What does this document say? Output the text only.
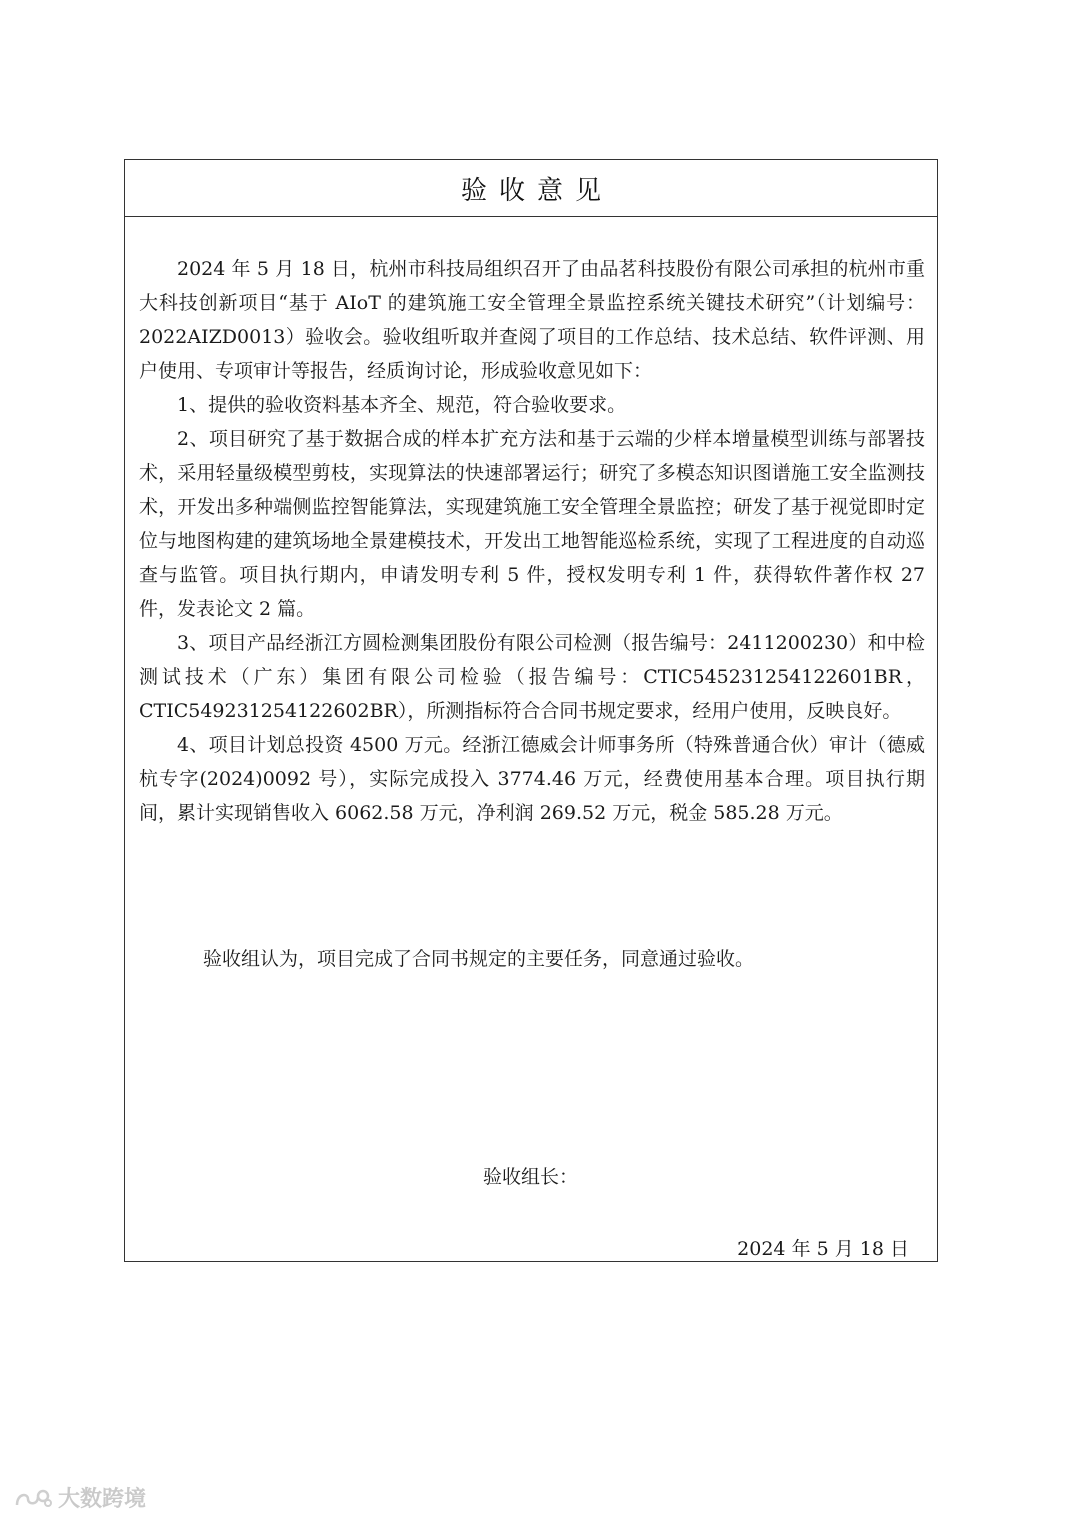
验收意见

2024 年 5 月 18 日，杭州市科技局组织召开了由品茗科技股份有限公司承担的杭州市重大科技创新项目“基于 AIoT 的建筑施工安全管理全景监控系统关键技术研究”（计划编号：2022AIZD0013）验收会。验收组听取并查阅了项目的工作总结、技术总结、软件评测、用户使用、专项审计等报告，经质询讨论，形成验收意见如下：

1、提供的验收资料基本齐全、规范，符合验收要求。

2、项目研究了基于数据合成的样本扩充方法和基于云端的少样本增量模型训练与部署技术，采用轻量级模型剪枝，实现算法的快速部署运行；研究了多模态知识图谱施工安全监测技术，开发出多种端侧监控智能算法，实现建筑施工安全管理全景监控；研发了基于视觉即时定位与地图构建的建筑场地全景建模技术，开发出工地智能巡检系统，实现了工程进度的自动巡查与监管。项目执行期内，申请发明专利 5 件，授权发明专利 1 件，获得软件著作权 27 件，发表论文 2 篇。

3、项目产品经浙江方圆检测集团股份有限公司检测（报告编号：2411200230）和中检测试技术（广东）集团有限公司检验（报告编号：CTIC545231254122601BR，CTIC549231254122602BR），所测指标符合合同书规定要求，经用户使用，反映良好。

4、项目计划总投资 4500 万元。经浙江德威会计师事务所（特殊普通合伙）审计（德威杭专字(2024)0092 号），实际完成投入 3774.46 万元，经费使用基本合理。项目执行期间，累计实现销售收入 6062.58 万元，净利润 269.52 万元，税金 585.28 万元。

验收组认为，项目完成了合同书规定的主要任务，同意通过验收。
验收组长：
2024 年 5 月 18 日
大数跨境
